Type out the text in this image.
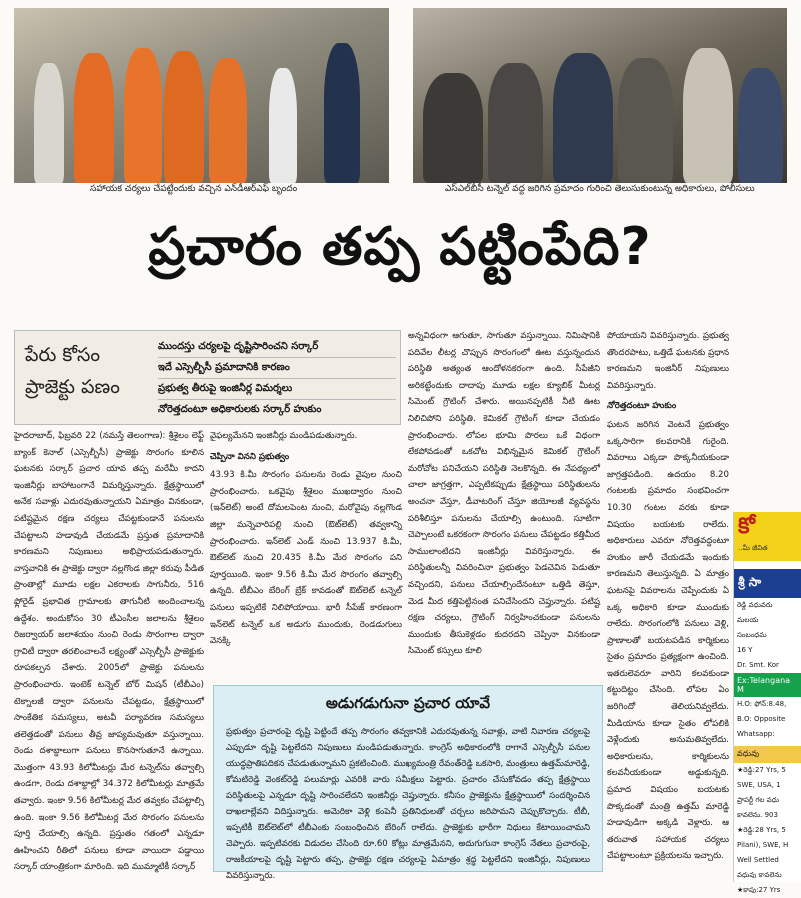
సహాయక చర్యలు చేపట్టేందుకు వచ్చిన ఎన్‌డీఆర్‌ఎఫ్ బృందం	ఎస్‌ఎల్‌బీసీ టన్నెల్ వద్ద జరిగిన ప్రమాదం గురించి తెలుసుకుంటున్న అధికారులు, పోలీసులు
ప్రచారం తప్ప పట్టింపేది?
పేరు కోసం ప్రాజెక్టు పణం
ముందస్తు చర్యలపై దృష్టిసారించని సర్కార్
ఇదే ఎస్సెల్బీసీ ప్రమాదానికి కారణం
ప్రభుత్వ తీరుపై ఇంజినీర్ల విమర్శలు
నోరెత్తదంటూ అధికారులకు సర్కార్ హుకుం

హైదరాబాద్, ఫిబ్రవరి 22 (నమస్తే తెలంగాణ): శ్రీశైలం లెఫ్ట్ బ్యాంక్ కెనాల్ (ఎస్సెల్బీసీ) ప్రాజెక్టు సొరంగం కూలిన ఘటనకు సర్కార్ ప్రచార యావ తప్ప మరేమీ కాదని ఇంజినీర్లు బాహాటంగానే విమర్శిస్తున్నారు. క్షేత్రస్థాయిలో అనేక సవాళ్లు ఎదురవుతున్నాయని ఏమాత్రం వినకుండా, పటిష్టమైన రక్షణ చర్యలు చేపట్టకుండానే పనులను చేపట్టాలని హడావుడి చేయడమే ప్రస్తుత ప్రమాదానికి కారణమని నిపుణులు అభిప్రాయపడుతున్నారు. వాస్తవానికి ఈ ప్రాజెక్టు ద్వారా నల్లగొండ జిల్లా కరువు పీడిత ప్రాంతాల్లో మూడు లక్షల ఎకరాలకు సాగునీరు, 516 ఫ్లోరైడ్ ప్రభావిత గ్రామాలకు తాగునీటి అందించాలన్న ఉద్దేశం. అందుకోసం 30 టీఎంసీల జలాలను శ్రీశైలం రిజర్వాయర్ జలాశయం నుంచి రెండు సొరంగాల ద్వారా గ్రావిటీ ద్వారా తరలించాలనే లక్ష్యంతో ఎస్సెల్బీసీ ప్రాజెక్టుకు రూపకల్పన చేశారు. 2005లో ప్రాజెక్టు పనులను ప్రారంభించారు. ఇంటెక్ టన్నెల్ బోర్ మిషన్ (టీబీఎం) టెక్నాలజీ ద్వారా పనులను చేపట్టడం, క్షేత్రస్థాయిలో సాంకేతిక సమస్యలు, అటవీ పర్యావరణ సమస్యలు తలెత్తడంతో పనులు తీవ్ర జాప్యమవుతూ వస్తున్నాయి. రెండు దశాబ్దాలుగా పనులు కొనసాగుతూనే ఉన్నాయి. మొత్తంగా 43.93 కిలోమీటర్లు మేర టన్నెల్‌ను తవ్వాల్సి ఉండగా, రెండు దశాబ్దాల్లో 34.372 కిలోమీటర్లు మాత్రమే తవ్వారు. ఇంకా 9.56 కిలోమీటర్ల మేర తవ్వకం చేపట్టాల్సి ఉంది. ఇంకా 9.56 కిలోమీటర్ల మేర సొరంగం పనులను పూర్తి చేయాల్సి ఉన్నది. ప్రస్తుతం గతంలో ఎన్నడూ ఊహించని రీతిలో పనులు కూడా వాయిదా పడ్డాయి సర్కార్ యాంత్రికంగా మారింది. ఇది ముమ్మాటికీ సర్కార్

వైఫల్యమేనని ఇంజినీర్లు మండిపడుతున్నారు.

చెప్పినా వినని ప్రభుత్వం

43.93 కి.మీ సొరంగం పనులను రెండు వైపుల నుంచి ప్రారంభించారు. ఒకవైపు శ్రీశైలం ముఖద్వారం నుంచి (ఇన్‌లెట్) అంటే దోమలపెంట నుంచి, మరోవైపు నల్లగొండ జిల్లా మన్నెవారిపల్లి నుంచి (ఔట్‌లెట్) తవ్వకాన్ని ప్రారంభించారు. ఇన్‌లెట్ ఎండ్ నుంచి 13.937 కి.మీ, ఔట్‌లెట్ నుంచి 20.435 కి.మీ మేర సొరంగం పని పూర్తయింది. ఇంకా 9.56 కి.మీ మేర సొరంగం తవ్వాల్సి ఉన్నది. టీబీఎం బేరింగ్ బ్రేక్ కావడంతో ఔట్‌లెట్ టన్నెల్ పనులు ఇప్పటికే నిలిపోయాయి. భారీ సీపేజ్ కారణంగా ఇన్‌లెట్ టన్నెల్ ఒక అడుగు ముందుకు, రెండడుగులు వెనక్కి

అన్నవిధంగా ఆగుతూ, సాగుతూ వస్తున్నాయి. నిమిషానికి పదివేల లీటర్ల చొప్పున సొరంగంలో ఊట వస్తున్నందున పరిస్థితి అత్యంత ఆందోళనకరంగా ఉంది. సీపేజీని అరికట్టేందుకు దాదాపు మూడు లక్షల క్యూబిక్ మీటర్ల సిమెంట్ గ్రౌటింగ్ చేశారు. అయినప్పటికీ నీటి ఊట నిలిచిపోని పరిస్థితి. కెమికల్ గ్రౌటింగ్ కూడా చేయడం ప్రారంభించారు. లోపల భూమి పొరలు ఒకే విధంగా లేకపోవడంతో ఒకచోట విభిన్నమైన కెమికల్ గ్రౌటింగ్ మరోచోట పనిచేయని పరిస్థితి నెలకొన్నది. ఈ నేపథ్యంలో చాలా జాగ్రత్తగా, ఎప్పటికప్పుడు క్షేత్రస్థాయి పరిస్థితులను అంచనా వేస్తూ, డీవాటరింగ్ చేస్తూ జియోలజీ వ్యవస్థను పరిశీలిస్తూ పనులను చేయాల్సి ఉంటుంది. సూటిగా చెప్పాలంటే ఒకరకంగా సొరంగం పనులు చేపట్టడం కత్తిమీద సాములాంటిదని ఇంజినీర్లు వివరిస్తున్నారు. ఈ పరిస్థితులన్నీ వివరించినా ప్రభుత్వం పెడచెవిన పెడుతూ వచ్చిందని, పనులు చేయాల్సిందేనంటూ ఒత్తిడి తెస్తూ, మెడ మీద కత్తిపెట్టినంత పనిచేసిందని చెప్తున్నారు. పటిష్ట రక్షణ చర్యలు, గ్రౌటింగ్ నిర్వహించకుండా పనులను ముందుకు తీసుకెళ్లడం కుదరదని చెప్పినా వినకుండా సిమెంట్ కస్సులు కూలి

పోయాయని వివరిస్తున్నారు. ప్రభుత్వ తొందరపాటు, ఒత్తిడే ఘటనకు ప్రధాన కారణమని ఇంజినీర్ నిపుణులు వివరిస్తున్నారు.

నోరెత్తదంటూ హుకుం

ఘటన జరిగిన వెంటనే ప్రభుత్వం ఒక్కసారిగా కలవరానికి గురైంది. వివరాలు ఎక్కడా పొక్కనీయకుండా జాగ్రత్తపడింది. ఉదయం 8.20 గంటలకు ప్రమాదం సంభవించగా 10.30 గంటల వరకు కూడా విషయం బయటకు రాలేదు. అధికారులు ఎవరూ నోరెత్తవద్దంటూ హుకుం జారీ చేయడమే ఇందుకు కారణమని తెలుస్తున్నది. ఏ మాత్రం ఘటనపై వివరాలను చెప్పేందుకు ఏ ఒక్క అధికారి కూడా ముందుకు రాలేదు. సొరంగంలోకి పనులు వెళ్లి, ప్రాణాలతో బయటపడిన కార్మికులు సైతం ప్రమాదం ప్రత్యక్షంగా ఉంచింది. ఇతరులెవరూ వారిని కలవకుండా కట్టుదిట్టం చేసింది. లోపల ఏం జరిగిందో తెలియనివ్వలేదు. మీడియాను కూడా సైతం లోపలికి వెళ్లేందుకు అనుమతివ్వలేదు. అధికారులను, కార్మికులను కలవనీయకుండా అడ్డుకున్నది. ప్రమాద విషయం బయటకు పొక్కడంతో మంత్రి ఉత్తమ్ మారెడ్డి హడావుడిగా అక్కడి వెళ్లారు. ఆ తరువాత సహాయక చర్యలు చేపట్టాలంటూ ప్రక్రియలను ఇచ్చారు.

అడుగడుగునా ప్రచార యావే
ప్రభుత్వం ప్రచారంపై దృష్టి పెట్టిందే తప్ప సొరంగం తవ్వకానికి ఎదురవుతున్న సవాళ్లు, వాటి నివారణ చర్యలపై ఎప్పుడూ దృష్టి పెట్టలేదని నిపుణులు మండిపడుతున్నారు. కాంగ్రెస్ అధికారంలోకి రాగానే ఎస్సెల్బీసీ పనుల యుద్ధప్రాతిపదికన చేపడుతున్నామని ప్రకటించింది. ముఖ్యమంత్రి రేవంత్‌రెడ్డి ఒకసారి, మంత్రులు ఉత్తమ్‌మారెడ్డి, కోమటిరెడ్డి వెంకట్‌రెడ్డి పలుమార్లు ఎవరికి వారు సమీక్షలు పెట్టారు. ప్రచారం చేసుకోవడం తప్ప క్షేత్రస్థాయి పరిస్థితులపై ఎన్నడూ దృష్టి సారించలేదని ఇంజినీర్లు చెప్తున్నారు. కనీసం ప్రాజెక్టును క్షేత్రస్థాయిలో సందర్శించిన దాఖలాల్లేవని విదిస్తున్నారు. అమెరికా వెళ్లి కంపెనీ ప్రతినిధులతో చర్చలు జరిపామని చెప్పుకొచ్చారు. టీబీ, ఇప్పటికీ ఔట్‌లెట్‌లో టీబీఎంకు సంబంధించిన బేరింగ్ రాలేదు. ప్రాజెక్టుకు భారీగా నిధులు కేటాయించామని చెప్పారు. ఇప్పటివరకు విడుదల చేసింది రూ.60 కోట్లు మాత్రమేనని, అదుగుగునా కాంగ్రెస్ నేతలు ప్రచారంపై, రాజకీయాలపై దృష్టి పెట్టారు తప్ప, ప్రాజెక్టు రక్షణ చర్యలపై ఏమాత్రం శ్రద్ధ పెట్టలేదని ఇంజినీర్లు, నిపుణులు వివరిస్తున్నారు.
కో
..మీ జీవిత
శ్రీ సా
రెడ్డి వధువరు
మలయ
సంబంధమ
16 Y
Dr. Smt. Kor
Ex:Telangana M
H.O: ఫోన్:8.48,
B.O: Opposite
Whatsapp:
వధువు
★రెడ్డి:27 Yrs, 5
SWE, USA, 1
ప్రాపర్టీ గల వధు
కావలెను. 903
★రెడ్డి:28 Yrs, 5
Pilani), SWE, H
Well Settled
వధువు కావలెను
★కాపు:27 Yrs
